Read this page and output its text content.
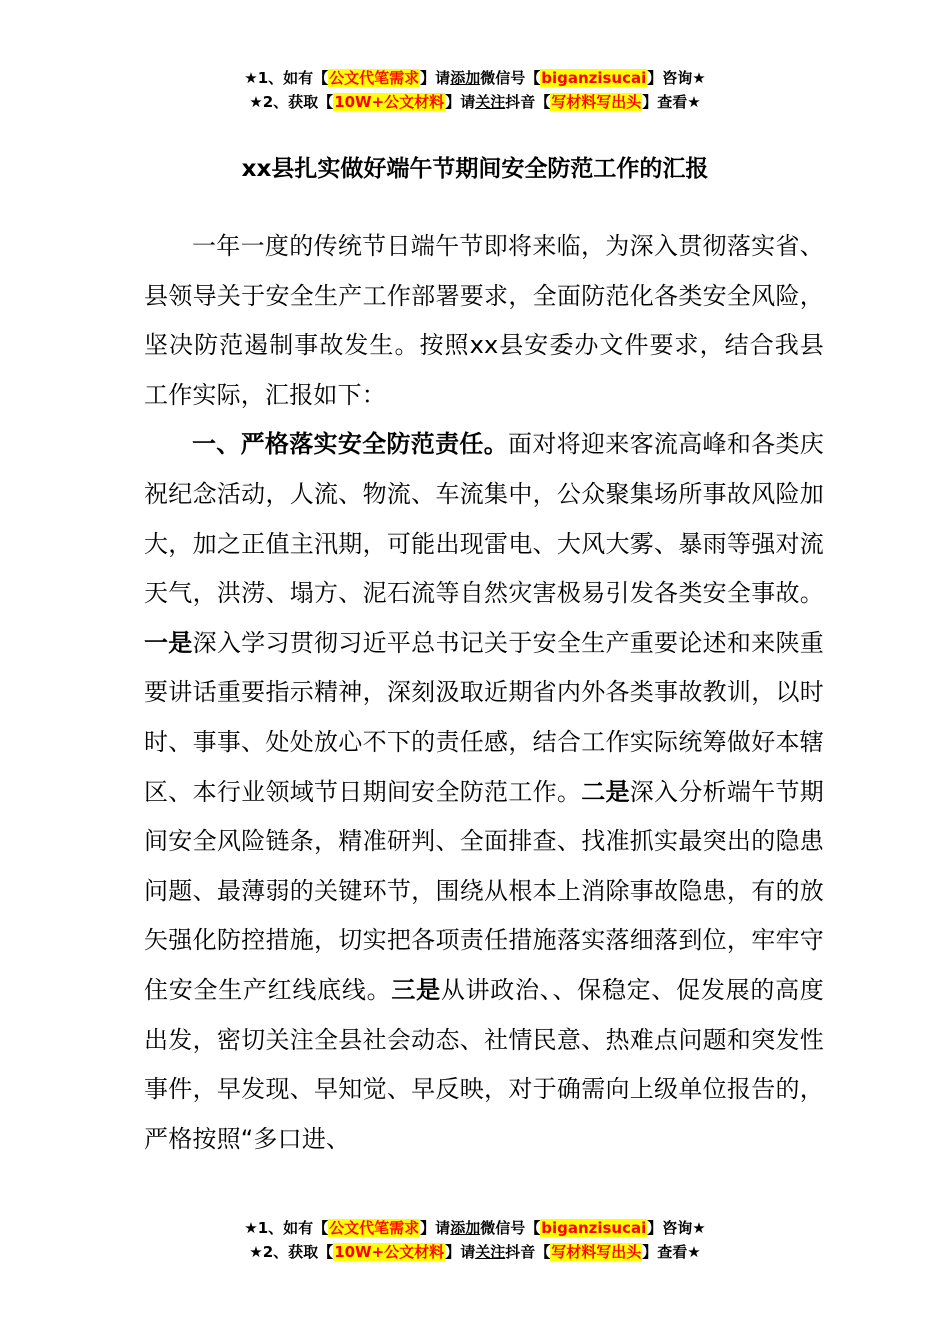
★1、如有【公文代笔需求】请添加微信号【biganzisucai】咨询★
★2、获取【10W+公文材料】请关注抖音【写材料写出头】查看★
xx县扎实做好端午节期间安全防范工作的汇报

一年一度的传统节日端午节即将来临，为深入贯彻落实省、县领导关于安全生产工作部署要求，全面防范化各类安全风险，坚决防范遏制事故发生。按照xx县安委办文件要求，结合我县工作实际，汇报如下：

一、严格落实安全防范责任。面对将迎来客流高峰和各类庆祝纪念活动，人流、物流、车流集中，公众聚集场所事故风险加大，加之正值主汛期，可能出现雷电、大风大雾、暴雨等强对流天气，洪涝、塌方、泥石流等自然灾害极易引发各类安全事故。一是深入学习贯彻习近平总书记关于安全生产重要论述和来陕重要讲话重要指示精神，深刻汲取近期省内外各类事故教训，以时时、事事、处处放心不下的责任感，结合工作实际统筹做好本辖区、本行业领域节日期间安全防范工作。二是深入分析端午节期间安全风险链条，精准研判、全面排查、找准抓实最突出的隐患问题、最薄弱的关键环节，围绕从根本上消除事故隐患，有的放矢强化防控措施，切实把各项责任措施落实落细落到位，牢牢守住安全生产红线底线。三是从讲政治、、保稳定、促发展的高度出发，密切关注全县社会动态、社情民意、热难点问题和突发性事件，早发现、早知觉、早反映，对于确需向上级单位报告的，严格按照“多口进、

★1、如有【公文代笔需求】请添加微信号【biganzisucai】咨询★
★2、获取【10W+公文材料】请关注抖音【写材料写出头】查看★
